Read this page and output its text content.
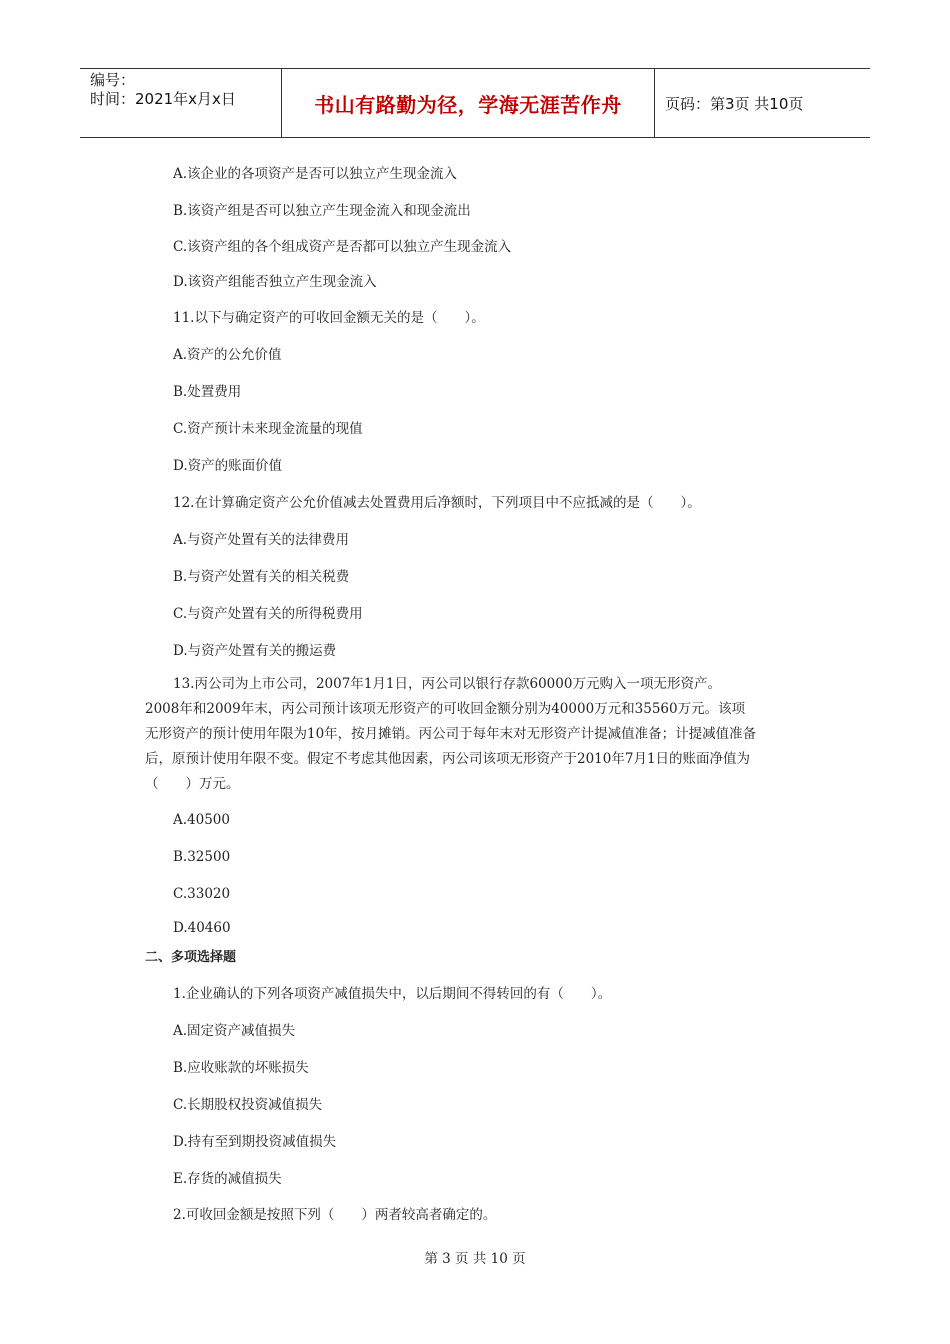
编号：
时间：2021年x月x日	书山有路勤为径，学海无涯苦作舟	页码：第3页 共10页
A.该企业的各项资产是否可以独立产生现金流入
B.该资产组是否可以独立产生现金流入和现金流出
C.该资产组的各个组成资产是否都可以独立产生现金流入
D.该资产组能否独立产生现金流入
11.以下与确定资产的可收回金额无关的是（　　）。
A.资产的公允价值
B.处置费用
C.资产预计未来现金流量的现值
D.资产的账面价值
12.在计算确定资产公允价值减去处置费用后净额时，下列项目中不应抵减的是（　　）。
A.与资产处置有关的法律费用
B.与资产处置有关的相关税费
C.与资产处置有关的所得税费用
D.与资产处置有关的搬运费
13.丙公司为上市公司，2007年1月1日，丙公司以银行存款60000万元购入一项无形资产。
2008年和2009年末，丙公司预计该项无形资产的可收回金额分别为40000万元和35560万元。该项
无形资产的预计使用年限为10年，按月摊销。丙公司于每年末对无形资产计提减值准备；计提减值准备
后，原预计使用年限不变。假定不考虑其他因素，丙公司该项无形资产于2010年7月1日的账面净值为
（　　）万元。
A.40500
B.32500
C.33020
D.40460
二、多项选择题
1.企业确认的下列各项资产减值损失中，以后期间不得转回的有（　　）。
A.固定资产减值损失
B.应收账款的坏账损失
C.长期股权投资减值损失
D.持有至到期投资减值损失
E.存货的减值损失
2.可收回金额是按照下列（　　）两者较高者确定的。
第 3 页 共 10 页
